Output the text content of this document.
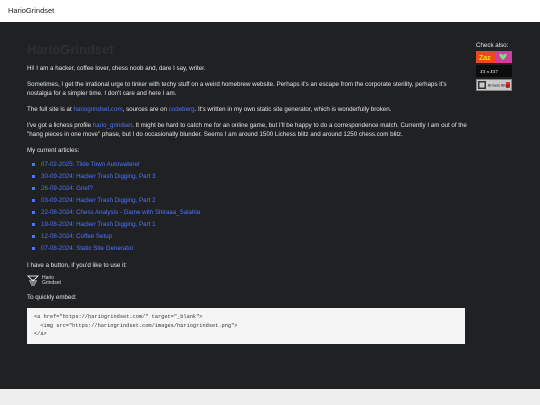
HarioGrindset
HarioGrindset

Hi! I am a hacker, coffee lover, chess noob and, dare I say, writer.

Sometimes, I get the irrational urge to tinker with techy stuff on a weird homebrew website. Perhaps it's an escape from the corporate sterility, perhaps it's nostalgia for a simpler time. I don't care and here I am.

The full site is at hariogrindset.com, sources are on codeberg. It's written in my own static site generator, which is wonderfully broken.

I've got a lichess profile hario_grindset. It might be hard to catch me for an online game, but I'll be happy to do a correspondence match. Currently I am out of the "hang pieces in one move" phase, but I do occasionally blunder. Seems I am around 1500 Lichess blitz and around 1250 chess.com blitz.

My current articles:

07-02-2025: Tilde Town Autowaterer
30-09-2024: Hacker Trash Digging, Part 3
26-09-2024: Grief?
03-09-2024: Hacker Trash Digging, Part 2
22-08-2024: Chess Analysis - Game with Shiraaa_Salahia
19-08-2024: Hacker Trash Digging, Part 1
12-08-2024: Coffee Setup
07-08-2024: Static Site Generator

I have a button, if you'd like to use it:

Hario
Grindset

To quickly embed:

<a href="https://hariogrindset.com/" target="_blank">
<img src="https://hariogrindset.com/images/hariogrindset.png">
</a>
Check also:
Zaz
XX n XX7
Browse Bingo
